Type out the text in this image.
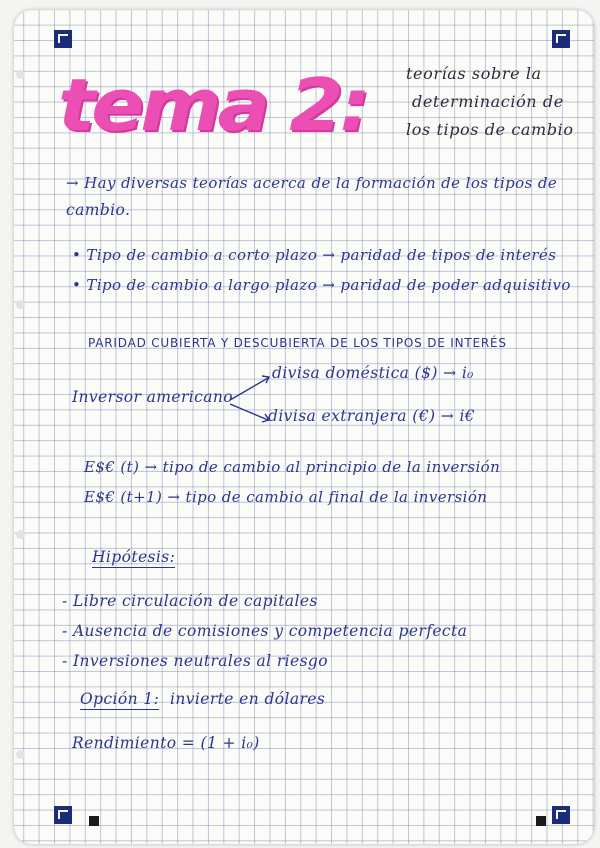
tema 2:	teorías sobre la
determinación de
los tipos de cambio
→ Hay diversas teorías acerca de la formación de los tipos de
cambio.
• Tipo de cambio a corto plazo → paridad de tipos de interés
• Tipo de cambio a largo plazo → paridad de poder adquisitivo
PARIDAD CUBIERTA Y DESCUBIERTA DE LOS TIPOS DE INTERÉS
Inversor americano
divisa doméstica ($) → i₀
divisa extranjera (€) → i€
E$€ (t) → tipo de cambio al principio de la inversión
E$€ (t+1) → tipo de cambio al final de la inversión
Hipótesis:
- Libre circulación de capitales
- Ausencia de comisiones y competencia perfecta
- Inversiones neutrales al riesgo
Opción 1: invierte en dólares
Rendimiento = (1 + i₀)
